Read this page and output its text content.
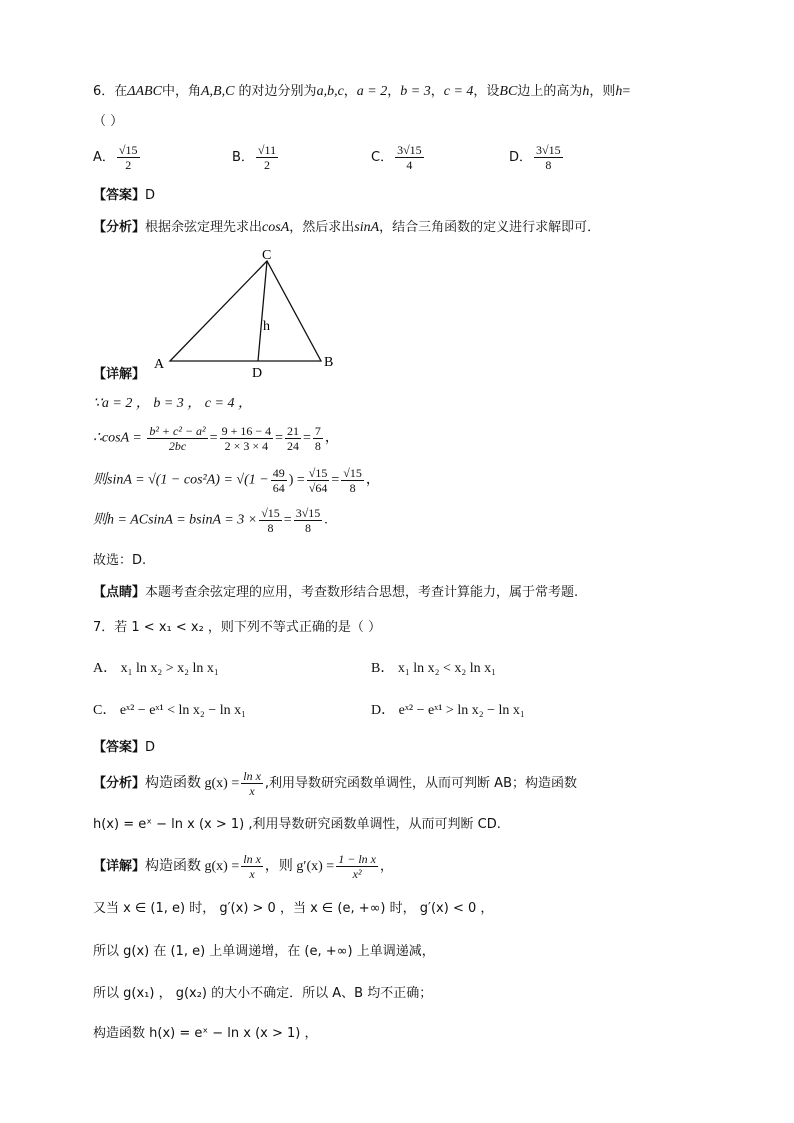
6．在ΔABC中，角A,B,C 的对边分别为a,b,c，a = 2，b = 3，c = 4，设BC边上的高为h，则h=
（ ）
A． $\frac{√15}{2}$	B． $\frac{√11}{2}$	C． $\frac{3√15}{4}$	D． $\frac{3√15}{8}$
【答案】D
【分析】根据余弦定理先求出cosA，然后求出sinA，结合三角函数的定义进行求解即可．
C
A	B
D
h
【详解】
∵a = 2 ， b = 3 ， c = 4 ，
∴cosA = $\frac{\text{b² + c² − a²}}{2bc} = \frac{9 + 16 - 4}{2 \times 3 \times 4} = \frac{21}{24} = \frac{7}{8}$ ，
则$\sin A = √(1 - \cos^2A) = √(1 - \frac{49}{64}$ ) = $\frac{√15}{√64} = \frac{√15}{8}$ ，
则$h = ACsinA = bsinA = 3 \times \frac{√15}{8} = \frac{3√15}{8}$ .
故选：D.
【点睛】本题考查余弦定理的应用，考查数形结合思想，考查计算能力，属于常考题.
7．若 1 < x₁ < x₂ ，则下列不等式正确的是（ ）
A． x₁ ln x₂ > x₂ ln x₁	B． x₁ ln x₂ < x₂ ln x₁
C． eˣ² − eˣ¹ < ln x₂ − ln x₁	D． eˣ² − eˣ¹ > ln x₂ − ln x₁
【答案】D
【分析】构造函数 $g(x) = \frac{\text{ln x}}{x}$ ,利用导数研究函数单调性，从而可判断 AB；构造函数
h(x) = eˣ − ln x (x > 1) ,利用导数研究函数单调性，从而可判断 CD.
【详解】构造函数 $g(x) = \frac{\text{ln x}}{x}$ ，则 $g'(x) = \frac{\text{1 − ln x}}{\text{x²}}$ ，
又当 x ∈ (1, e) 时， g′(x) > 0 ，当 x ∈ (e, +∞) 时， g′(x) < 0 ，
所以 g(x) 在 (1, e) 上单调递增，在 (e, +∞) 上单调递减，
所以 g(x₁) ， g(x₂) 的大小不确定．所以 A、B 均不正确；
构造函数 h(x) = eˣ − ln x (x > 1) ，
